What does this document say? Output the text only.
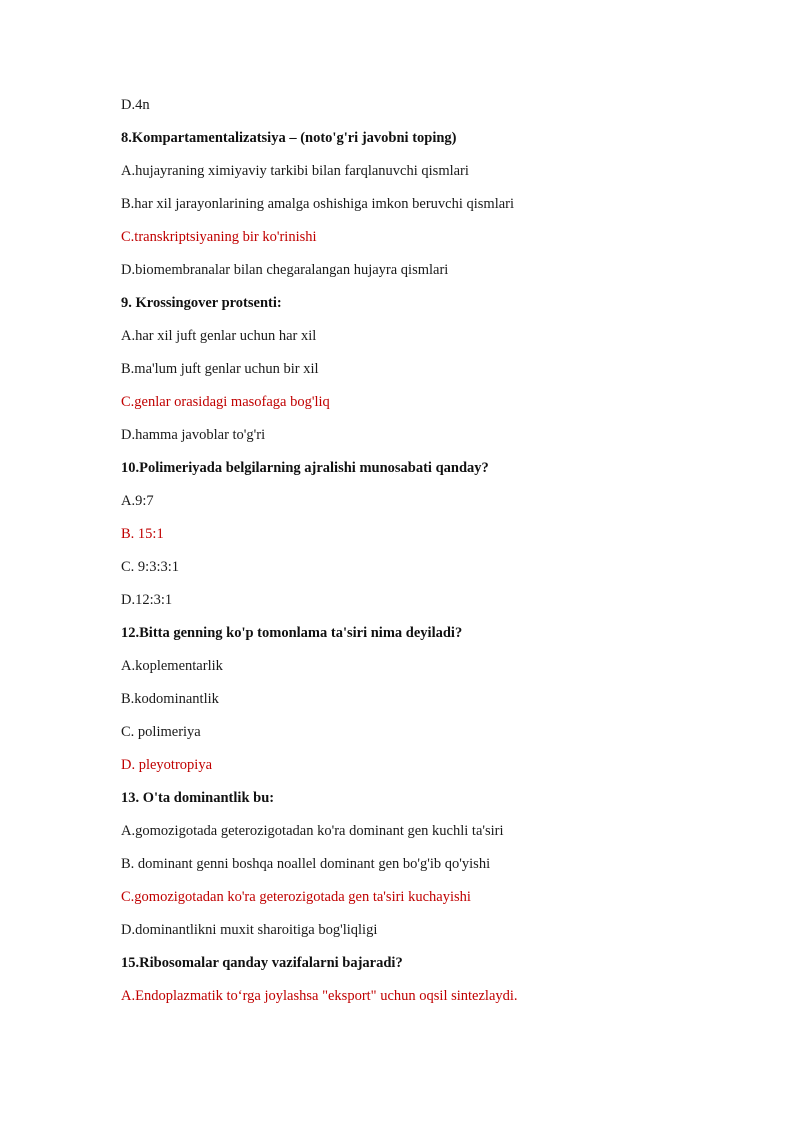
D.4n
8.Kompartamentalizatsiya – (noto'g'ri javobni toping)
A.hujayraning ximiyaviy tarkibi bilan farqlanuvchi qismlari
B.har xil jarayonlarining amalga oshishiga imkon beruvchi qismlari
C.transkriptsiyaning bir ko'rinishi
D.biomembranalar bilan chegaralangan hujayra qismlari
9. Krossingover protsenti:
A.har xil juft genlar uchun har xil
B.ma'lum juft genlar uchun bir xil
C.genlar orasidagi masofaga bog'liq
D.hamma javoblar to'g'ri
10.Polimeriyada belgilarning ajralishi munosabati qanday?
A.9:7
B. 15:1
C. 9:3:3:1
D.12:3:1
12.Bitta genning ko'p tomonlama ta'siri nima deyiladi?
A.koplementarlik
B.kodominantlik
C. polimeriya
D. pleyotropiya
13. O'ta dominantlik bu:
A.gomozigotada geterozigotadan ko'ra dominant gen kuchli ta'siri
B. dominant genni boshqa noallel dominant gen bo'g'ib qo'yishi
C.gomozigotadan ko'ra geterozigotada gen ta'siri kuchayishi
D.dominantlikni muxit sharoitiga bog'liqligi
15.Ribosomalar qanday vazifalarni bajaradi?
A.Endoplazmatik to‘rga joylashsa "eksport" uchun oqsil sintezlaydi.
